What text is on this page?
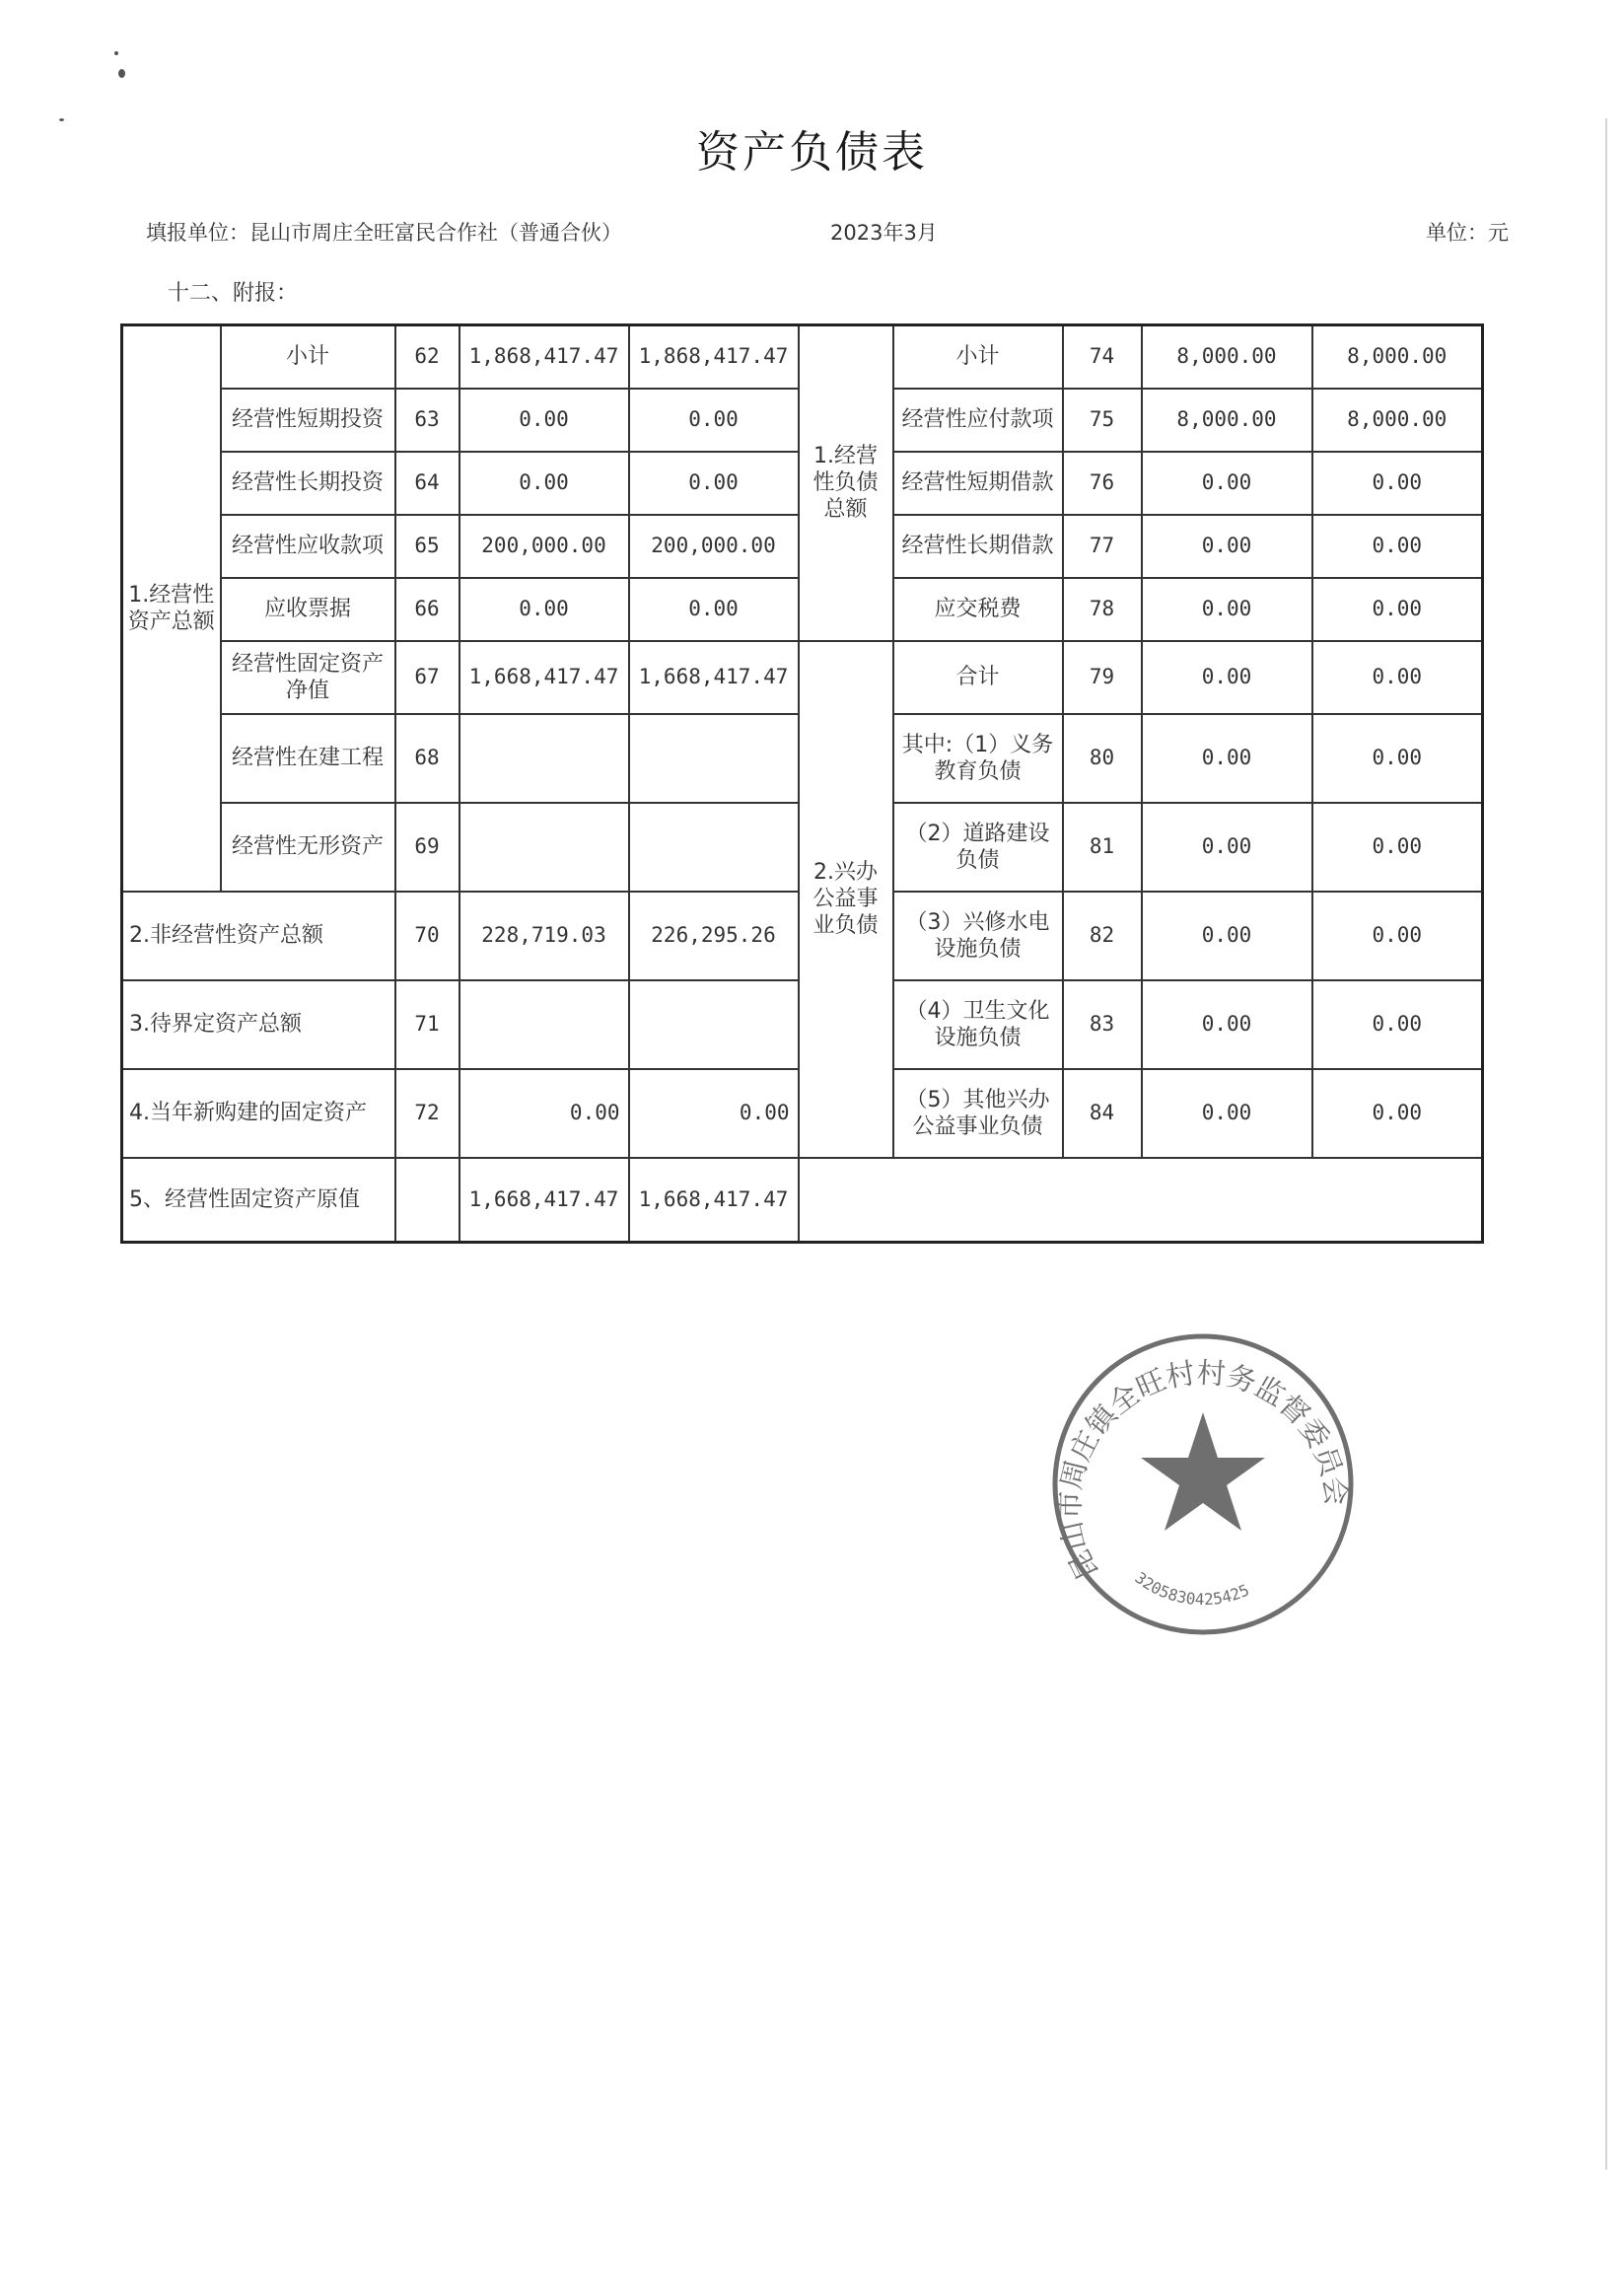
资产负债表
填报单位：昆山市周庄全旺富民合作社（普通合伙）	2023年3月	单位：元
十二、附报：
1.经营性资产总额	小计	62	1,868,417.47	1,868,417.47	1.经营性负债总额	小计	74	8,000.00	8,000.00
	经营性短期投资	63	0.00	0.00		经营性应付款项	75	8,000.00	8,000.00
	经营性长期投资	64	0.00	0.00		经营性短期借款	76	0.00	0.00
	经营性应收款项	65	200,000.00	200,000.00		经营性长期借款	77	0.00	0.00
	应收票据	66	0.00	0.00		应交税费	78	0.00	0.00
	经营性固定资产净值	67	1,668,417.47	1,668,417.47	2.兴办公益事业负债	合计	79	0.00	0.00
	经营性在建工程	68				其中:（1）义务教育负债	80	0.00	0.00
	经营性无形资产	69				（2）道路建设负债	81	0.00	0.00
2.非经营性资产总额		70	228,719.03	226,295.26		（3）兴修水电设施负债	82	0.00	0.00
3.待界定资产总额		71				（4）卫生文化设施负债	83	0.00	0.00
4.当年新购建的固定资产		72	0.00	0.00		（5）其他兴办公益事业负债	84	0.00	0.00
5、经营性固定资产原值			1,668,417.47	1,668,417.47					
昆山市周庄镇全旺村村务监督委员会
3205830425425
